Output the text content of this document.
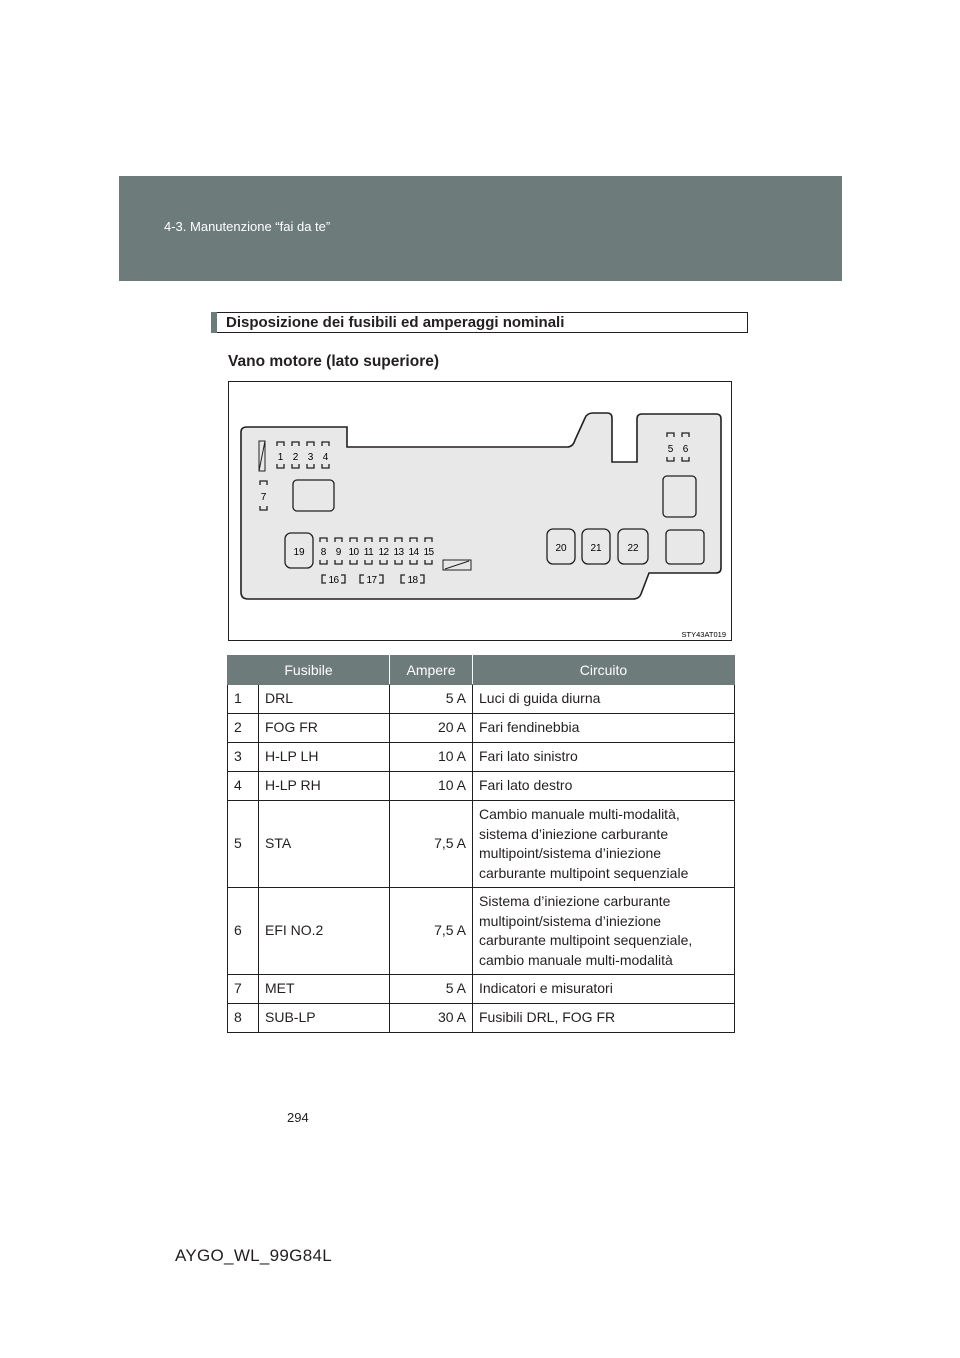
4-3. Manutenzione “fai da te”
Disposizione dei fusibili ed amperaggi nominali
Vano motore (lato superiore)
1 2 3 4
5 6
7
19 8 9 10 11 12 13 14 15
16	17	18
20 21	22
STY43AT019
Fusibile		Ampere	Circuito
1	DRL	5 A	Luci di guida diurna
2	FOG FR	20 A	Fari fendinebbia
3	H-LP LH	10 A	Fari lato sinistro
4	H-LP RH	10 A	Fari lato destro
5	STA	7,5 A	Cambio manuale multi-modalità,
sistema d’iniezione carburante
multipoint/sistema d’iniezione
carburante multipoint sequenziale
6	EFI NO.2	7,5 A	Sistema d’iniezione carburante
multipoint/sistema d’iniezione
carburante multipoint sequenziale,
cambio manuale multi-modalità
7	MET	5 A	Indicatori e misuratori
8	SUB-LP	30 A	Fusibili DRL, FOG FR
294
AYGO_WL_99G84L
